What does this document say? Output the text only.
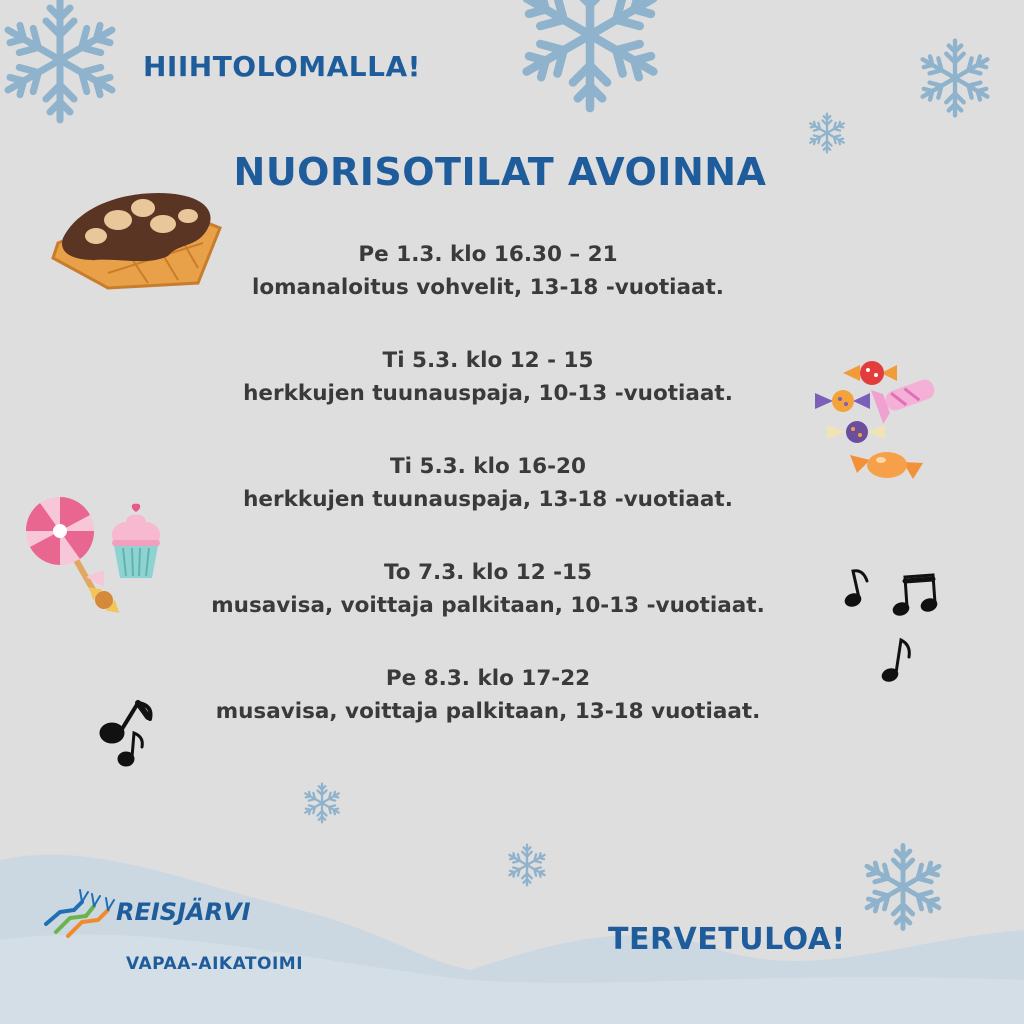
HIIHTOLOMALLA!
NUORISOTILAT AVOINNA
Pe 1.3. klo 16.30 – 21
lomanaloitus vohvelit, 13-18 -vuotiaat.
Ti 5.3. klo 12 - 15
herkkujen tuunauspaja, 10-13 -vuotiaat.
Ti 5.3. klo 16-20
herkkujen tuunauspaja, 13-18 -vuotiaat.
To 7.3. klo 12 -15
musavisa, voittaja palkitaan, 10-13 -vuotiaat.
Pe 8.3. klo 17-22
musavisa, voittaja palkitaan, 13-18 vuotiaat.
REISJÄRVI
VAPAA-AIKATOIMI
TERVETULOA!
